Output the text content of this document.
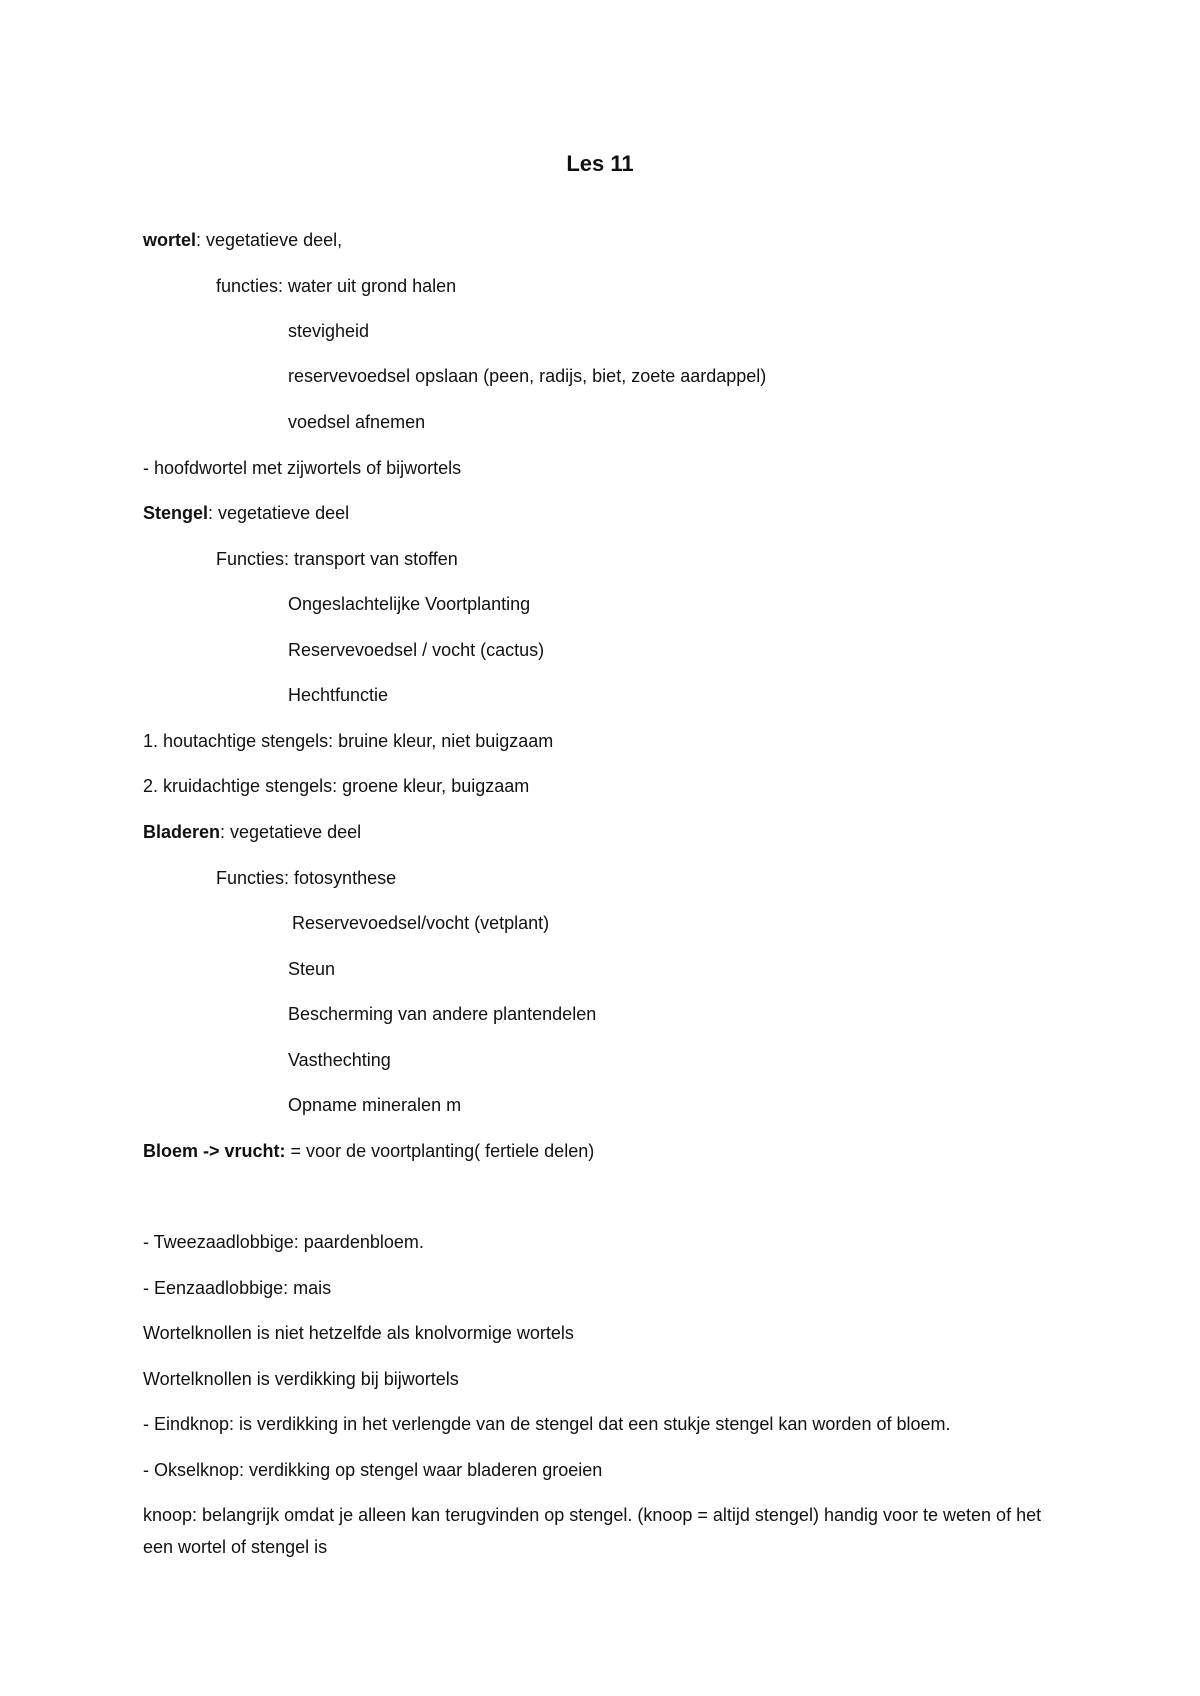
Les 11
wortel: vegetatieve deel,
functies: water uit grond halen
stevigheid
reservevoedsel opslaan (peen, radijs, biet, zoete aardappel)
voedsel afnemen
- hoofdwortel met zijwortels of bijwortels
Stengel: vegetatieve deel
Functies: transport van stoffen
Ongeslachtelijke Voortplanting
Reservevoedsel / vocht (cactus)
Hechtfunctie
1. houtachtige stengels: bruine kleur, niet buigzaam
2. kruidachtige stengels: groene kleur, buigzaam
Bladeren: vegetatieve deel
Functies: fotosynthese
Reservevoedsel/vocht (vetplant)
Steun
Bescherming van andere plantendelen
Vasthechting
Opname mineralen m
Bloem -> vrucht: = voor de voortplanting( fertiele delen)
- Tweezaadlobbige: paardenbloem.
- Eenzaadlobbige: mais
Wortelknollen is niet hetzelfde als knolvormige wortels
Wortelknollen is verdikking bij bijwortels
- Eindknop: is verdikking in het verlengde van de stengel dat een stukje stengel kan worden of bloem.
- Okselknop: verdikking op stengel waar bladeren groeien
knoop: belangrijk omdat je alleen kan terugvinden op stengel. (knoop = altijd stengel) handig voor te weten of het een wortel of stengel is
